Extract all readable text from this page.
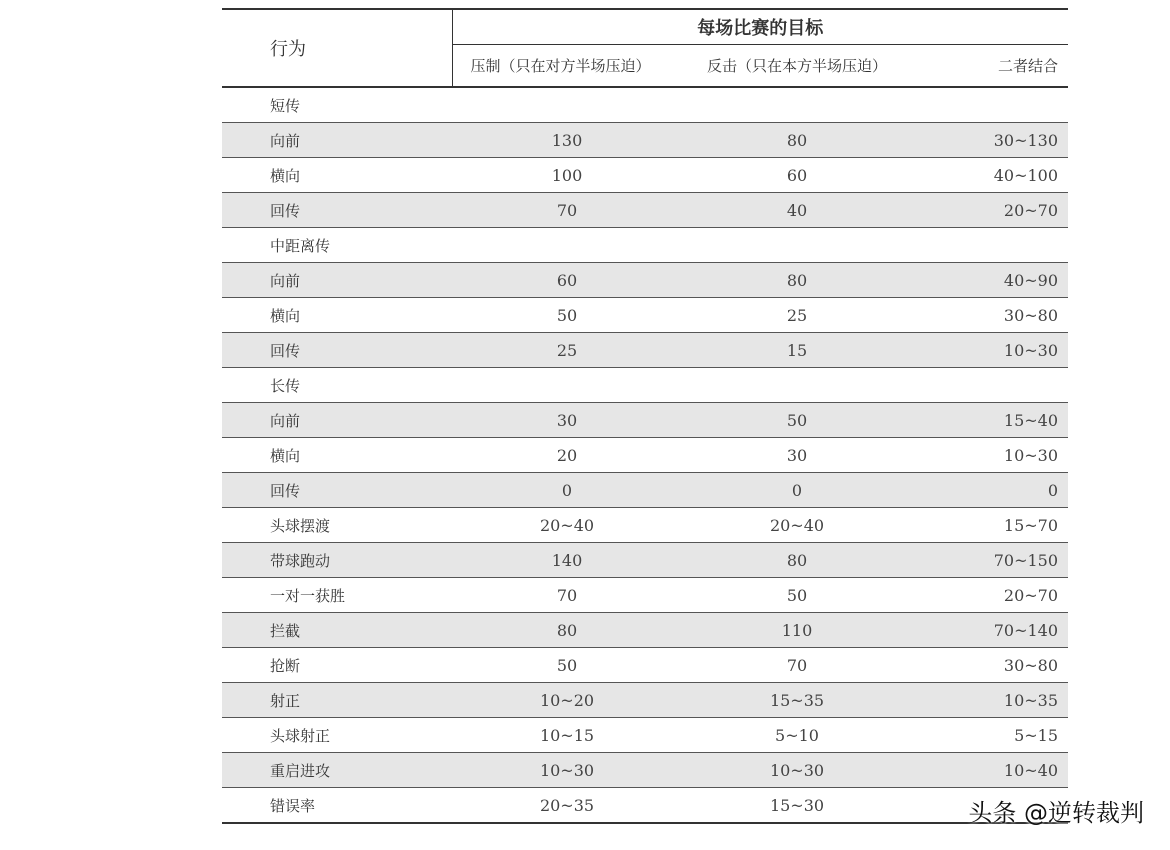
行为	每场比赛的目标		
	压制（只在对方半场压迫）	反击（只在本方半场压迫）	二者结合
短传			
向前	130	80	30~130
横向	100	60	40~100
回传	70	40	20~70
中距离传			
向前	60	80	40~90
横向	50	25	30~80
回传	25	15	10~30
长传			
向前	30	50	15~40
横向	20	30	10~30
回传	0	0	0
头球摆渡	20~40	20~40	15~70
带球跑动	140	80	70~150
一对一获胜	70	50	20~70
拦截	80	110	70~140
抢断	50	70	30~80
射正	10~20	15~35	10~35
头球射正	10~15	5~10	5~15
重启进攻	10~30	10~30	10~40
错误率	20~35	15~30		头条 @逆转裁判
